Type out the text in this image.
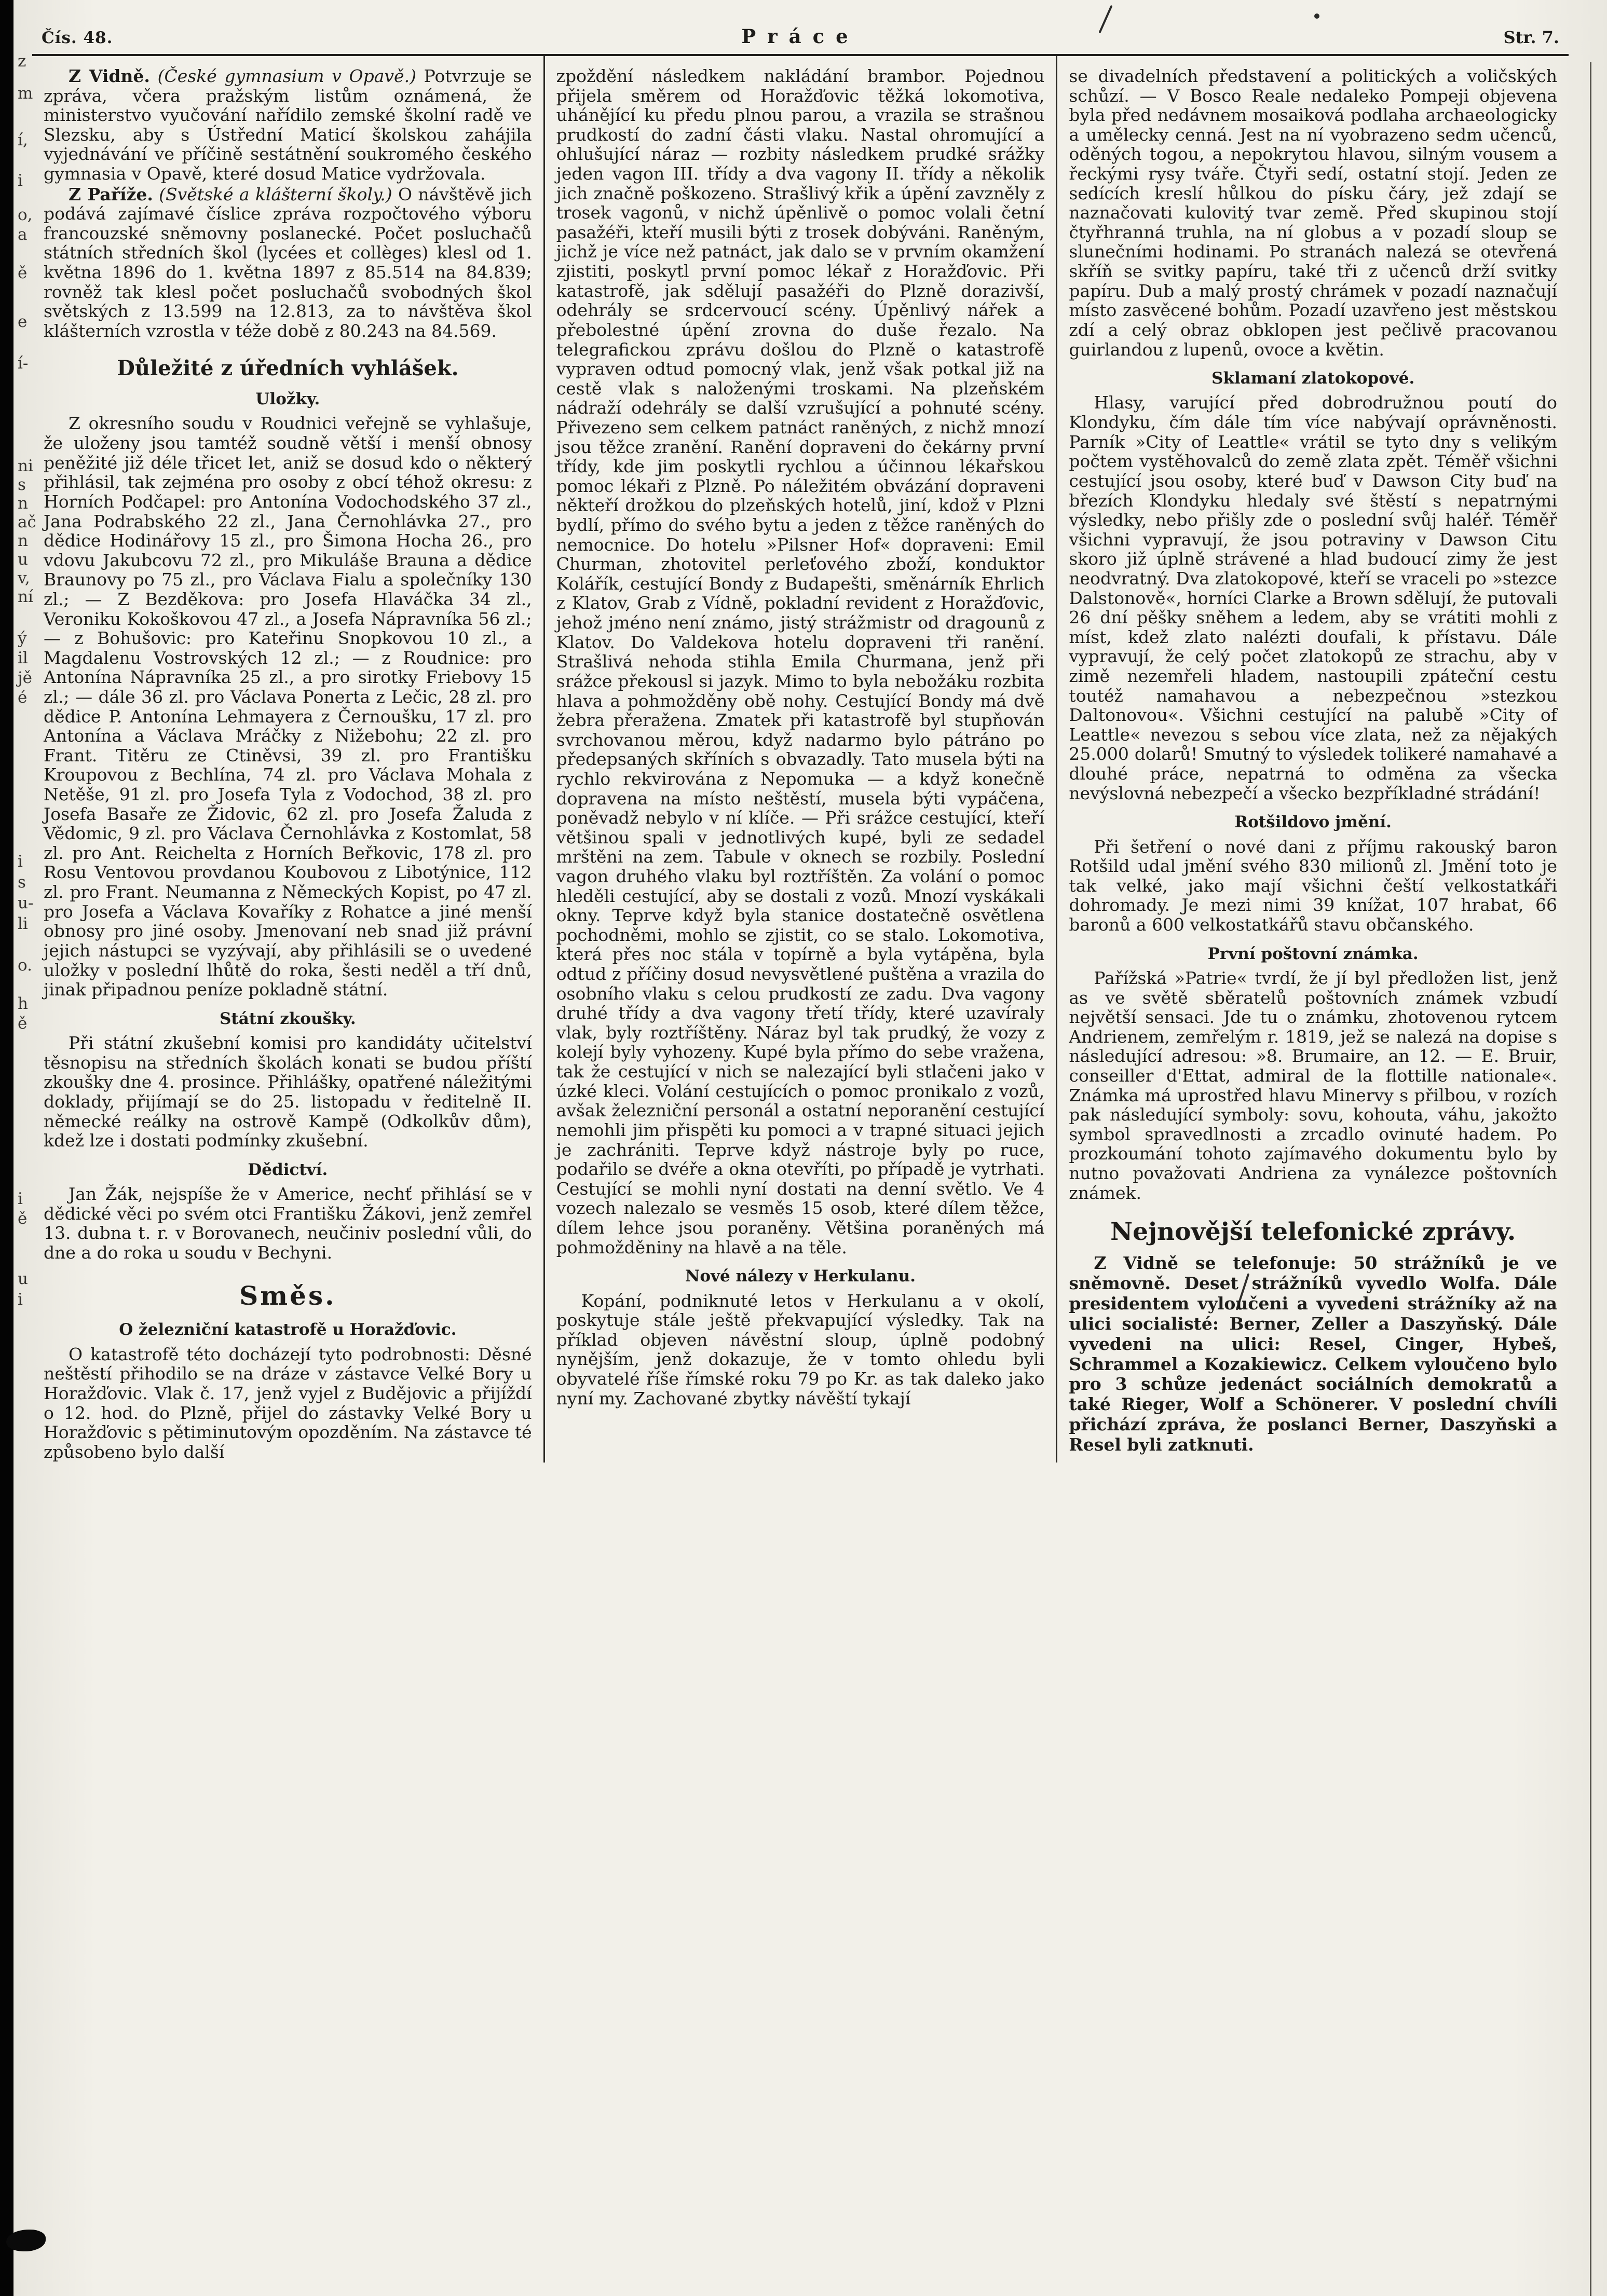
z
m
í,
i
o,
a
ě
e
í-
ni
s
n
ač
n
u
v,
ní
ý
il
jě
é
i
s
u-
li
o.
h
ě
i
ě
u
i
Čís. 48.	Práce	Str. 7.

Z Vidně. (České gymnasium v Opavě.) Potvrzuje se zpráva, včera pražským listům oznámená, že ministerstvo vyučování nařídilo zemské školní radě ve Slezsku, aby s Ústřední Maticí školskou zahájila vyjednávání ve příčině sestátnění soukromého českého gymnasia v Opavě, které dosud Matice vydržovala.

Z Paříže. (Světské a klášterní školy.) O návštěvě jich podává zajímavé číslice zpráva rozpočtového výboru francouzské sněmovny poslanecké. Počet posluchačů státních středních škol (lycées et collèges) klesl od 1. května 1896 do 1. května 1897 z 85.514 na 84.839; rovněž tak klesl počet posluchačů svobodných škol světských z 13.599 na 12.813, za to návštěva škol klášterních vzrostla v téže době z 80.243 na 84.569.

Důležité z úředních vyhlášek.
Uložky.

Z okresního soudu v Roudnici veřejně se vyhlašuje, že uloženy jsou tamtéž soudně větší i menší obnosy peněžité již déle třicet let, aniž se dosud kdo o některý přihlásil, tak zejména pro osoby z obcí téhož okresu: z Horních Podčapel: pro Antonína Vodochodského 37 zl., Jana Podrabského 22 zl., Jana Černohlávka 27., pro dědice Hodinářovy 15 zl., pro Šimona Hocha 26., pro vdovu Jakubcovu 72 zl., pro Mikuláše Brauna a dědice Braunovy po 75 zl., pro Václava Fialu a společníky 130 zl.; — Z Bezděkova: pro Josefa Hlaváčka 34 zl., Veroniku Kokoškovou 47 zl., a Josefa Nápravníka 56 zl.; — z Bohušovic: pro Kateřinu Snopkovou 10 zl., a Magdalenu Vostrovských 12 zl.; — z Roudnice: pro Antonína Nápravníka 25 zl., a pro sirotky Friebovy 15 zl.; — dále 36 zl. pro Václava Ponerta z Lečic, 28 zl. pro dědice P. Antonína Lehmayera z Černoušku, 17 zl. pro Antonína a Václava Mráčky z Nižebohu; 22 zl. pro Frant. Titěru ze Ctiněvsi, 39 zl. pro Františku Kroupovou z Bechlína, 74 zl. pro Václava Mohala z Netěše, 91 zl. pro Josefa Tyla z Vodochod, 38 zl. pro Josefa Basaře ze Židovic, 62 zl. pro Josefa Žaluda z Vědomic, 9 zl. pro Václava Černohlávka z Kostomlat, 58 zl. pro Ant. Reichelta z Horních Beřkovic, 178 zl. pro Rosu Ventovou provdanou Koubovou z Libotýnice, 112 zl. pro Frant. Neumanna z Německých Kopist, po 47 zl. pro Josefa a Václava Kovaříky z Rohatce a jiné menší obnosy pro jiné osoby. Jmenovaní neb snad již právní jejich nástupci se vyzývají, aby přihlásili se o uvedené uložky v poslední lhůtě do roka, šesti neděl a tří dnů, jinak připadnou peníze pokladně státní.

Státní zkoušky.

Při státní zkušební komisi pro kandidáty učitelství těsnopisu na středních školách konati se budou příští zkoušky dne 4. prosince. Přihlášky, opatřené náležitými doklady, přijímají se do 25. listopadu v ředitelně II. německé reálky na ostrově Kampě (Odkolkův dům), kdež lze i dostati podmínky zkušební.

Dědictví.

Jan Žák, nejspíše že v Americe, nechť přihlásí se v dědické věci po svém otci Františku Žákovi, jenž zemřel 13. dubna t. r. v Borovanech, neučiniv poslední vůli, do dne a do roka u soudu v Bechyni.

Směs.
O železniční katastrofě u Horažďovic.

O katastrofě této docházejí tyto podrobnosti: Děsné neštěstí přihodilo se na dráze v zástavce Velké Bory u Horažďovic. Vlak č. 17, jenž vyjel z Budějovic a přijíždí o 12. hod. do Plzně, přijel do zástavky Velké Bory u Horažďovic s pětiminutovým opozděním. Na zástavce té způsobeno bylo další

zpoždění následkem nakládání brambor. Pojednou přijela směrem od Horažďovic těžká lokomotiva, uhánějící ku předu plnou parou, a vrazila se strašnou prudkostí do zadní části vlaku. Nastal ohromující a ohlušující náraz — rozbity následkem prudké srážky jeden vagon III. třídy a dva vagony II. třídy a několik jich značně poškozeno. Strašlivý křik a úpění zavzněly z trosek vagonů, v nichž úpěnlivě o pomoc volali četní pasažéři, kteří musili býti z trosek dobýváni. Raněným, jichž je více než patnáct, jak dalo se v prvním okamžení zjistiti, poskytl první pomoc lékař z Horažďovic. Při katastrofě, jak sdělují pasažéři do Plzně dorazivší, odehrály se srdcervoucí scény. Úpěnlivý nářek a přebolestné úpění zrovna do duše řezalo. Na telegrafickou zprávu došlou do Plzně o katastrofě vypraven odtud pomocný vlak, jenž však potkal již na cestě vlak s naloženými troskami. Na plzeňském nádraží odehrály se další vzrušující a pohnuté scény. Přivezeno sem celkem patnáct raněných, z nichž mnozí jsou těžce zranění. Ranění dopraveni do čekárny první třídy, kde jim poskytli rychlou a účinnou lékařskou pomoc lékaři z Plzně. Po náležitém obvázání dopraveni někteří drožkou do plzeňských hotelů, jiní, kdož v Plzni bydlí, přímo do svého bytu a jeden z těžce raněných do nemocnice. Do hotelu »Pilsner Hof« dopraveni: Emil Churman, zhotovitel perleťového zboží, konduktor Kolářík, cestující Bondy z Budapešti, směnárník Ehrlich z Klatov, Grab z Vídně, pokladní revident z Horažďovic, jehož jméno není známo, jistý strážmistr od dragounů z Klatov. Do Valdekova hotelu dopraveni tři ranění. Strašlivá nehoda stihla Emila Churmana, jenž při srážce překousl si jazyk. Mimo to byla nebožáku rozbita hlava a pohmožděny obě nohy. Cestující Bondy má dvě žebra přeražena. Zmatek při katastrofě byl stupňován svrchovanou měrou, když nadarmo bylo pátráno po předepsaných skříních s obvazadly. Tato musela býti na rychlo rekvirována z Nepomuka — a když konečně dopravena na místo neštěstí, musela býti vypáčena, poněvadž nebylo v ní klíče. — Při srážce cestující, kteří většinou spali v jednotlivých kupé, byli ze sedadel mrštěni na zem. Tabule v oknech se rozbily. Poslední vagon druhého vlaku byl roztříštěn. Za volání o pomoc hleděli cestující, aby se dostali z vozů. Mnozí vyskákali okny. Teprve když byla stanice dostatečně osvětlena pochodněmi, mohlo se zjistit, co se stalo. Lokomotiva, která přes noc stála v topírně a byla vytápěna, byla odtud z příčiny dosud nevysvětlené puštěna a vrazila do osobního vlaku s celou prudkostí ze zadu. Dva vagony druhé třídy a dva vagony třetí třídy, které uzavíraly vlak, byly roztříštěny. Náraz byl tak prudký, že vozy z kolejí byly vyhozeny. Kupé byla přímo do sebe vražena, tak že cestující v nich se nalezající byli stlačeni jako v úzké kleci. Volání cestujících o pomoc pronikalo z vozů, avšak železniční personál a ostatní neporanění cestující nemohli jim přispěti ku pomoci a v trapné situaci jejich je zachrániti. Teprve když nástroje byly po ruce, podařilo se dvéře a okna otevříti, po případě je vytrhati. Cestující se mohli nyní dostati na denní světlo. Ve 4 vozech nalezalo se vesměs 15 osob, které dílem těžce, dílem lehce jsou poraněny. Většina poraněných má pohmožděniny na hlavě a na těle.

Nové nálezy v Herkulanu.

Kopání, podniknuté letos v Herkulanu a v okolí, poskytuje stále ještě překvapující výsledky. Tak na příklad objeven návěstní sloup, úplně podobný nynějším, jenž dokazuje, že v tomto ohledu byli obyvatelé říše římské roku 79 po Kr. as tak daleko jako nyní my. Zachované zbytky návěští tykají

se divadelních představení a politických a voličských schůzí. — V Bosco Reale nedaleko Pompeji objevena byla před nedávnem mosaiková podlaha archaeologicky a umělecky cenná. Jest na ní vyobrazeno sedm učenců, oděných togou, a nepokrytou hlavou, silným vousem a řeckými rysy tváře. Čtyři sedí, ostatní stojí. Jeden ze sedících kreslí hůlkou do písku čáry, jež zdají se naznačovati kulovitý tvar země. Před skupinou stojí čtyřhranná truhla, na ní globus a v pozadí sloup se slunečními hodinami. Po stranách nalezá se otevřená skříň se svitky papíru, také tři z učenců drží svitky papíru. Dub a malý prostý chrámek v pozadí naznačují místo zasvěcené bohům. Pozadí uzavřeno jest městskou zdí a celý obraz obklopen jest pečlivě pracovanou guirlandou z lupenů, ovoce a květin.

Sklamaní zlatokopové.

Hlasy, varující před dobrodružnou poutí do Klondyku, čím dále tím více nabývají oprávněnosti. Parník »City of Leattle« vrátil se tyto dny s velikým počtem vystěhovalců do země zlata zpět. Téměř všichni cestující jsou osoby, které buď v Dawson City buď na březích Klondyku hledaly své štěstí s nepatrnými výsledky, nebo přišly zde o poslední svůj haléř. Téměř všichni vypravují, že jsou potraviny v Dawson Citu skoro již úplně strávené a hlad budoucí zimy že jest neodvratný. Dva zlatokopové, kteří se vraceli po »stezce Dalstonově«, horníci Clarke a Brown sdělují, že putovali 26 dní pěšky sněhem a ledem, aby se vrátiti mohli z míst, kdež zlato nalézti doufali, k přístavu. Dále vypravují, že celý počet zlatokopů ze strachu, aby v zimě nezemřeli hladem, nastoupili zpáteční cestu toutéž namahavou a nebezpečnou »stezkou Daltonovou«. Všichni cestující na palubě »City of Leattle« nevezou s sebou více zlata, než za nějakých 25.000 dolarů! Smutný to výsledek tolikeré namahavé a dlouhé práce, nepatrná to odměna za všecka nevýslovná nebezpečí a všecko bezpříkladné strádání!

Rotšildovo jmění.

Při šetření o nové dani z příjmu rakouský baron Rotšild udal jmění svého 830 milionů zl. Jmění toto je tak velké, jako mají všichni čeští velkostatkáři dohromady. Je mezi nimi 39 knížat, 107 hrabat, 66 baronů a 600 velkostatkářů stavu občanského.

První poštovní známka.

Pařížská »Patrie« tvrdí, že jí byl předložen list, jenž as ve světě sběratelů poštovních známek vzbudí největší sensaci. Jde tu o známku, zhotovenou rytcem Andrienem, zemřelým r. 1819, jež se nalezá na dopise s následující adresou: »8. Brumaire, an 12. — E. Bruir, conseiller d'Ettat, admiral de la flottille nationale«. Známka má uprostřed hlavu Minervy s přilbou, v rozích pak následující symboly: sovu, kohouta, váhu, jakožto symbol spravedlnosti a zrcadlo ovinuté hadem. Po prozkoumání tohoto zajímavého dokumentu bylo by nutno považovati Andriena za vynálezce poštovních známek.

Nejnovější telefonické zprávy.

Z Vidně se telefonuje: 50 strážníků je ve sněmovně. Deset strážníků vyvedlo Wolfa. Dále presidentem vyloučeni a vyvedeni strážníky až na ulici socialisté: Berner, Zeller a Daszyňský. Dále vyvedeni na ulici: Resel, Cinger, Hybeš, Schrammel a Kozakiewicz. Celkem vyloučeno bylo pro 3 schůze jedenáct sociálních demokratů a také Rieger, Wolf a Schönerer. V poslední chvíli přichází zpráva, že poslanci Berner, Daszyňski a Resel byli zatknuti.
